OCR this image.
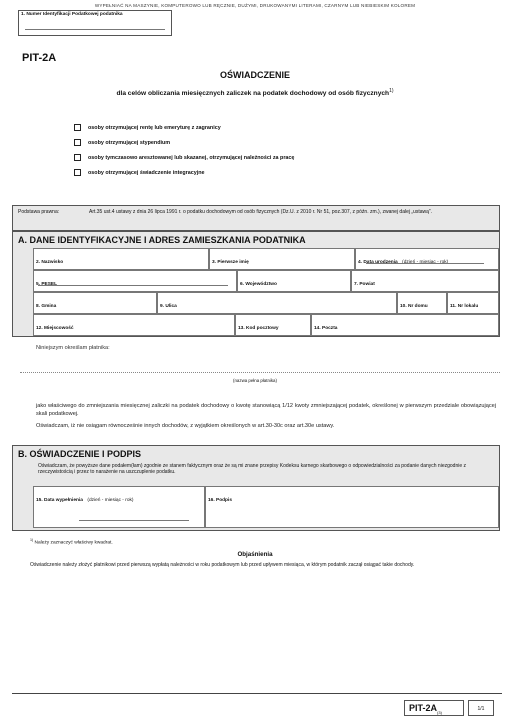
WYPEŁNIAĆ NA MASZYNIE, KOMPUTEROWO LUB RĘCZNIE, DUŻYMI, DRUKOWANYMI LITERAMI, CZARNYM LUB NIEBIESKIM KOLOREM
1. Numer Identyfikacji Podatkowej podatnika
PIT-2A
OŚWIADCZENIE
dla celów obliczania miesięcznych zaliczek na podatek dochodowy od osób fizycznych$^{1)}$
osoby otrzymującej rentę lub emeryturę z zagranicy
osoby otrzymującej stypendium
osoby tymczasowo aresztowanej lub skazanej, otrzymującej należności za pracę
osoby otrzymującej świadczenie integracyjne
Podstawa prawna:	Art.35 ust.4 ustawy z dnia 26 lipca 1991 r. o podatku dochodowym od osób fizycznych (Dz.U. z 2010 r. Nr 51, poz.307, z późn. zm.), zwanej dalej „ustawą”.
A. DANE IDENTYFIKACYJNE I ADRES ZAMIESZKANIA PODATNIKA
2. Nazwisko	3. Pierwsze imię	4. Data urodzenia (dzień - miesiąc - rok)
5. PESEL	6. Województwo	7. Powiat
8. Gmina	9. Ulica	10. Nr domu	11. Nr lokalu
12. Miejscowość	13. Kod pocztowy	14. Poczta
Niniejszym określam płatnika:
(nazwa pełna płatnika)
jako właściwego do zmniejszania miesięcznej zaliczki na podatek dochodowy o kwotę stanowiącą 1/12 kwoty zmniejszającej podatek, określonej w pierwszym przedziale obowiązującej skali podatkowej.
Oświadczam, iż nie osiągam równocześnie innych dochodów, z wyjątkiem określonych w art.30-30c oraz art.30e ustawy.
B. OŚWIADCZENIE I PODPIS
Oświadczam, że powyższe dane podałem(łam) zgodnie ze stanem faktycznym oraz że są mi znane przepisy Kodeksu karnego skarbowego o odpowiedzialności za podanie danych niezgodnie z rzeczywistością i przez to narażenie na uszczuplenie podatku.
15. Data wypełnienia (dzień - miesiąc - rok)	16. Podpis
$^{1)}$ Należy zaznaczyć właściwy kwadrat.
Objaśnienia
Oświadczenie należy złożyć płatnikowi przed pierwszą wypłatą należności w roku podatkowym lub przed upływem miesiąca, w którym podatnik zaczął osiągać takie dochody.
PIT-$2A_{(3)}$
1/1
